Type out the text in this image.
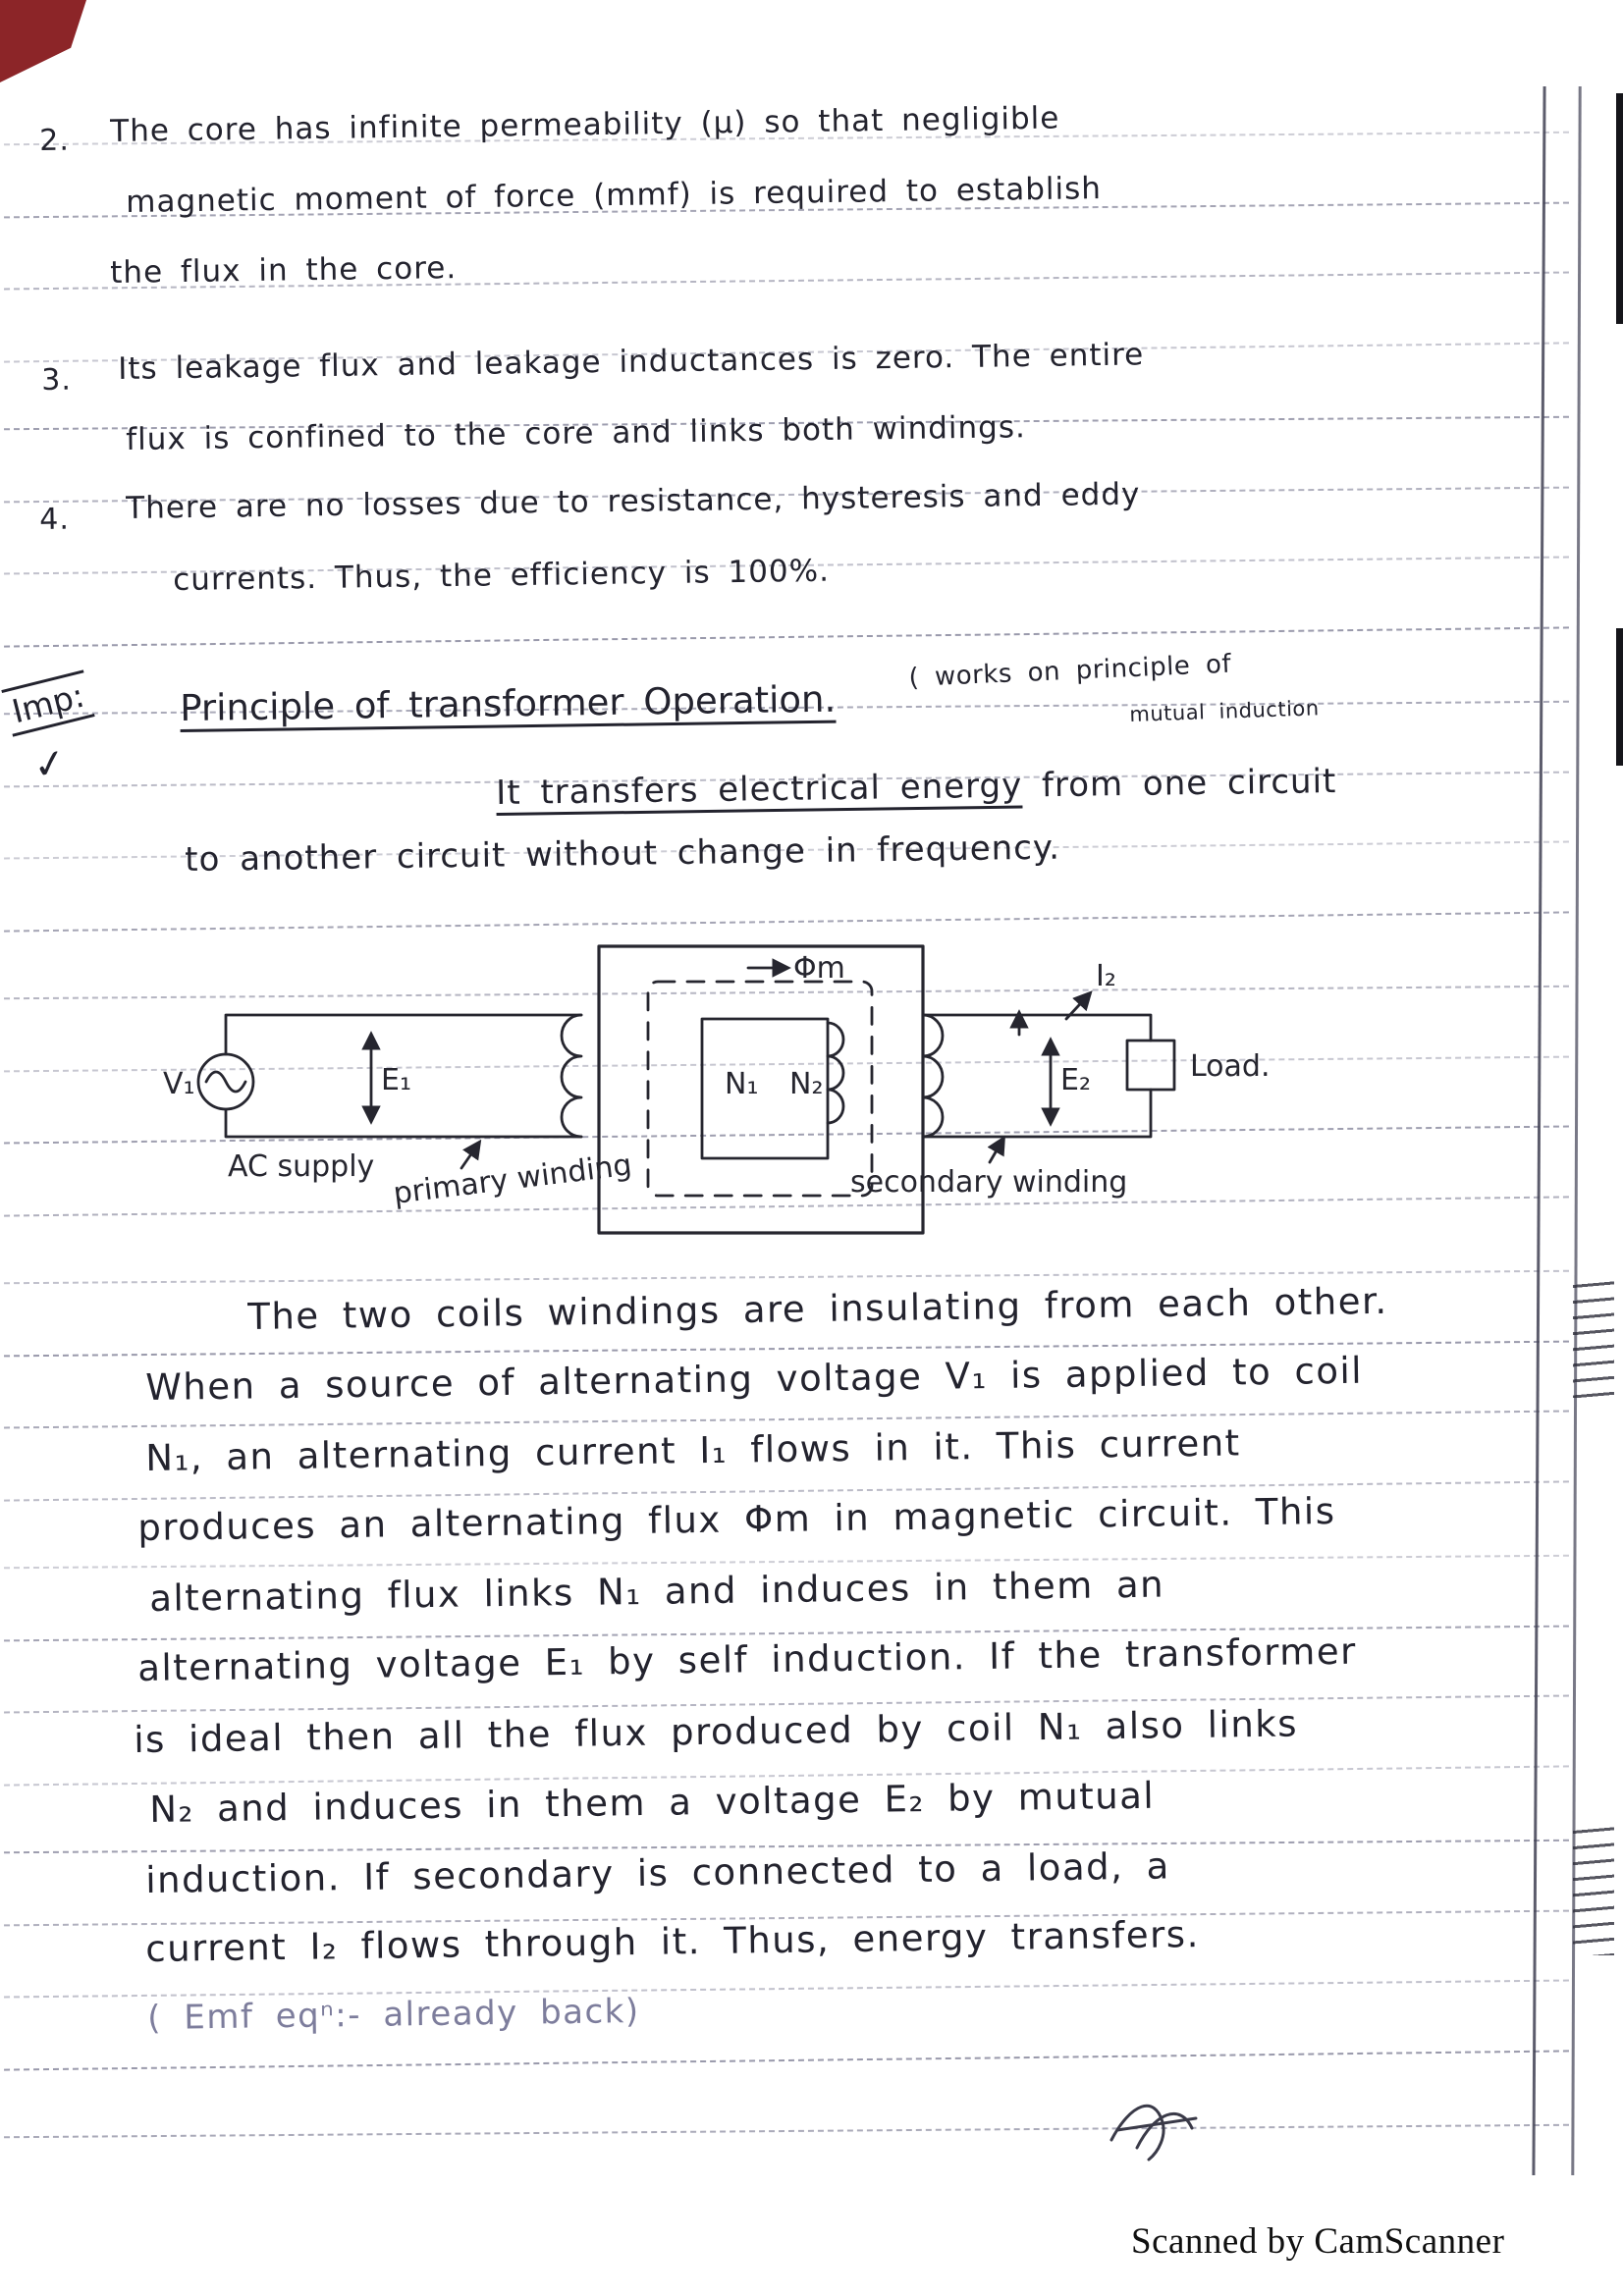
2. The core has infinite permeability (µ) so that negligible
magnetic moment of force (mmf) is required to establish
the flux in the core.
3. Its leakage flux and leakage inductances is zero. The entire
flux is confined to the core and links both windings.
4. There are no losses due to resistance, hysteresis and eddy
currents. Thus, the efficiency is 100%.
Imp:
✓
Principle of transformer Operation.
( works on principle of
mutual induction
It transfers electrical energy from one circuit
to another circuit without change in frequency.
V₁	E₁
Φm
N₁ N₂
I₂
E₂	Load.
AC supply primary winding	secondary winding
The two coils windings are insulating from each other.
When a source of alternating voltage V₁ is applied to coil
N₁, an alternating current I₁ flows in it. This current
produces an alternating flux Φm in magnetic circuit. This
alternating flux links N₁ and induces in them an
alternating voltage E₁ by self induction. If the transformer
is ideal then all the flux produced by coil N₁ also links
N₂ and induces in them a voltage E₂ by mutual
induction. If secondary is connected to a load, a
current I₂ flows through it. Thus, energy transfers.
( Emf eqⁿ:- already back)
Scanned by CamScanner
